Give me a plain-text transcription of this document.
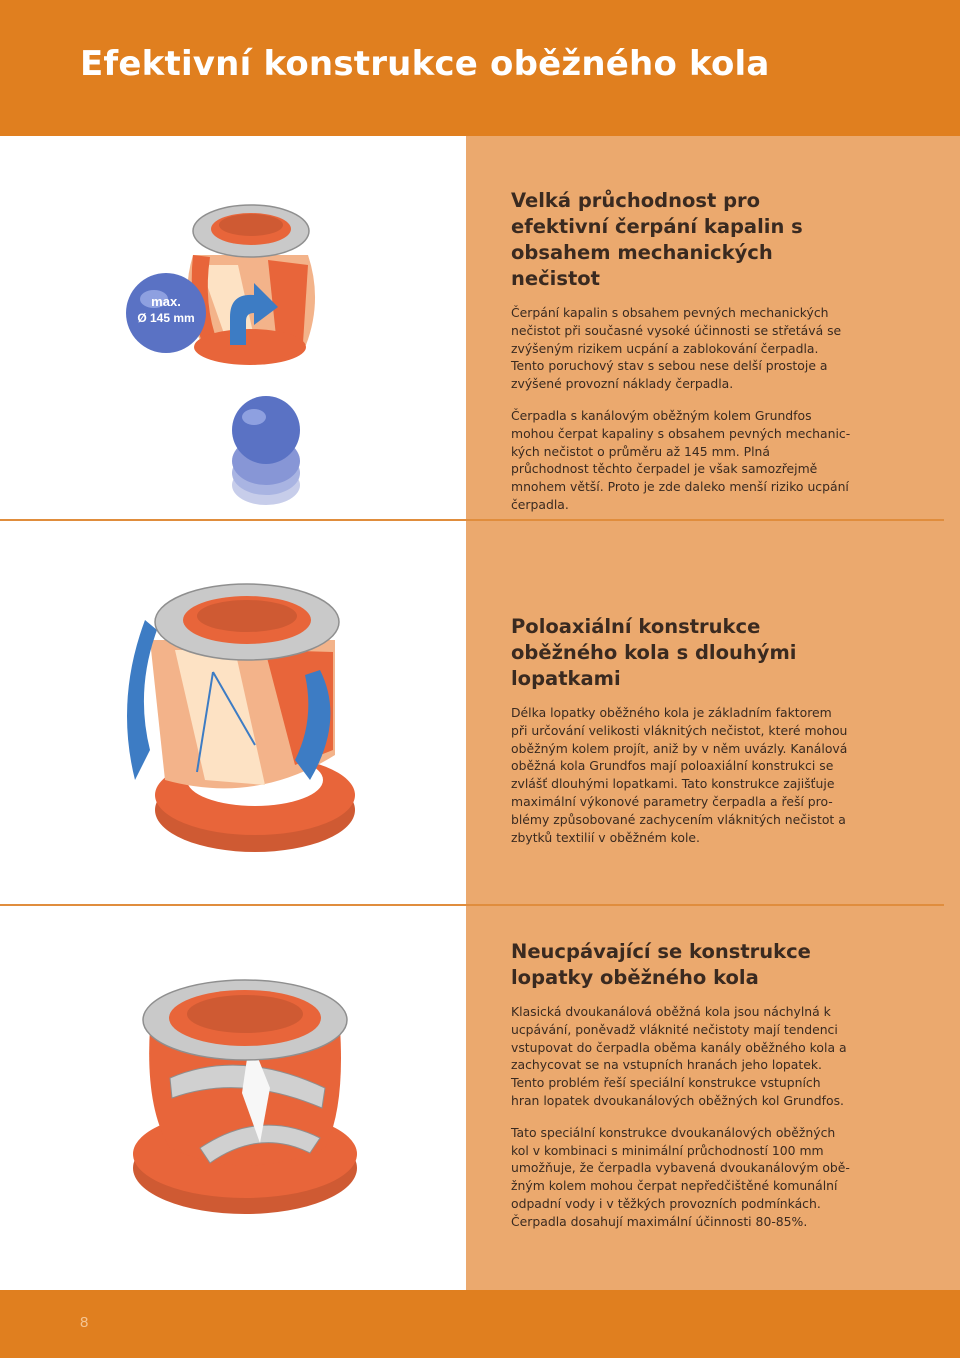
Efektivní konstrukce oběžného kola
max.
Ø 145 mm
Velká průchodnost pro efektivní čerpání kapalin s obsahem mechanických nečistot

Čerpání kapalin s obsahem pevných mechanických nečistot při současné vysoké účinnosti se střetává se zvýšeným rizikem ucpání a zablokování čerpadla. Tento poruchový stav s sebou nese delší prostoje a zvýšené provozní náklady čerpadla.

Čerpadla s kanálovým oběžným kolem Grundfos mohou čerpat kapaliny s obsahem pevných mechanic- kých nečistot o průměru až 145 mm. Plná průchodnost těchto čerpadel je však samozřejmě mnohem větší. Proto je zde daleko menší riziko ucpání čerpadla.

Poloaxiální konstrukce oběžného kola s dlouhými lopatkami

Délka lopatky oběžného kola je základním faktorem při určování velikosti vláknitých nečistot, které mohou oběžným kolem projít, aniž by v něm uvázly. Kanálová oběžná kola Grundfos mají poloaxiální konstrukci se zvlášť dlouhými lopatkami. Tato konstrukce zajišťuje maximální výkonové parametry čerpadla a řeší pro- blémy způsobované zachycením vláknitých nečistot a zbytků textilií v oběžném kole.

Neucpávající se konstrukce lopatky oběžného kola

Klasická dvoukanálová oběžná kola jsou náchylná k ucpávání, poněvadž vláknité nečistoty mají tendenci vstupovat do čerpadla oběma kanály oběžného kola a zachycovat se na vstupních hranách jeho lopatek. Tento problém řeší speciální konstrukce vstupních hran lopatek dvoukanálových oběžných kol Grundfos.

Tato speciální konstrukce dvoukanálových oběžných kol v kombinaci s minimální průchodností 100 mm umožňuje, že čerpadla vybavená dvoukanálovým obě- žným kolem mohou čerpat nepředčištěné komunální odpadní vody i v těžkých provozních podmínkách. Čerpadla dosahují maximální účinnosti 80-85%.

8
